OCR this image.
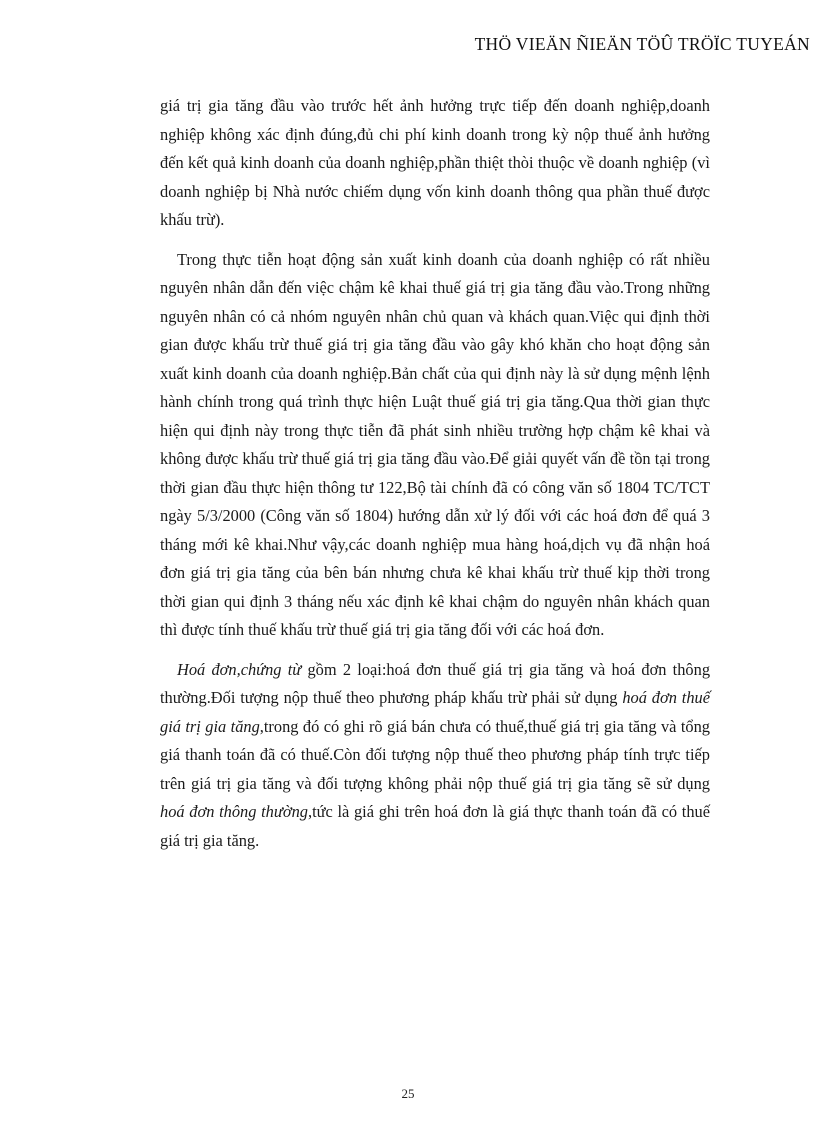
THÖ VIEÄN ÑIEÄN TÖÛ TRÖÏC TUYEÁN

giá trị gia tăng đầu vào trước hết ảnh hưởng trực tiếp đến doanh nghiệp,doanh nghiệp không xác định đúng,đủ chi phí kinh doanh trong kỳ nộp thuế ảnh hưởng đến kết quả kinh doanh của doanh nghiệp,phần thiệt thòi thuộc về doanh nghiệp (vì doanh nghiệp bị Nhà nước chiếm dụng vốn kinh doanh thông qua phần thuế được khấu trừ).

Trong thực tiễn hoạt động sản xuất kinh doanh của doanh nghiệp có rất nhiều nguyên nhân dẫn đến việc chậm kê khai thuế giá trị gia tăng đầu vào.Trong những nguyên nhân có cả nhóm nguyên nhân chủ quan và khách quan.Việc qui định thời gian được khấu trừ thuế giá trị gia tăng đầu vào gây khó khăn cho hoạt động sản xuất kinh doanh của doanh nghiệp.Bản chất của qui định này là sử dụng mệnh lệnh hành chính trong quá trình thực hiện Luật thuế giá trị gia tăng.Qua thời gian thực hiện qui định này trong thực tiễn đã phát sinh nhiều trường hợp chậm kê khai và không được khấu trừ thuế giá trị gia tăng đầu vào.Để giải quyết vấn đề tồn tại trong thời gian đầu thực hiện thông tư 122,Bộ tài chính đã có công văn số 1804 TC/TCT ngày 5/3/2000 (Công văn số 1804) hướng dẫn xử lý đối với các hoá đơn để quá 3 tháng mới kê khai.Như vậy,các doanh nghiệp mua hàng hoá,dịch vụ đã nhận hoá đơn giá trị gia tăng của bên bán nhưng chưa kê khai khấu trừ thuế kịp thời trong thời gian qui định 3 tháng nếu xác định kê khai chậm do nguyên nhân khách quan thì được tính thuế khấu trừ thuế giá trị gia tăng đối với các hoá đơn.

Hoá đơn,chứng từ gồm 2 loại:hoá đơn thuế giá trị gia tăng và hoá đơn thông thường.Đối tượng nộp thuế theo phương pháp khấu trừ phải sử dụng hoá đơn thuế giá trị gia tăng,trong đó có ghi rõ giá bán chưa có thuế,thuế giá trị gia tăng và tổng giá thanh toán đã có thuế.Còn đối tượng nộp thuế theo phương pháp tính trực tiếp trên giá trị gia tăng và đối tượng không phải nộp thuế giá trị gia tăng sẽ sử dụng hoá đơn thông thường,tức là giá ghi trên hoá đơn là giá thực thanh toán đã có thuế giá trị gia tăng.

25
